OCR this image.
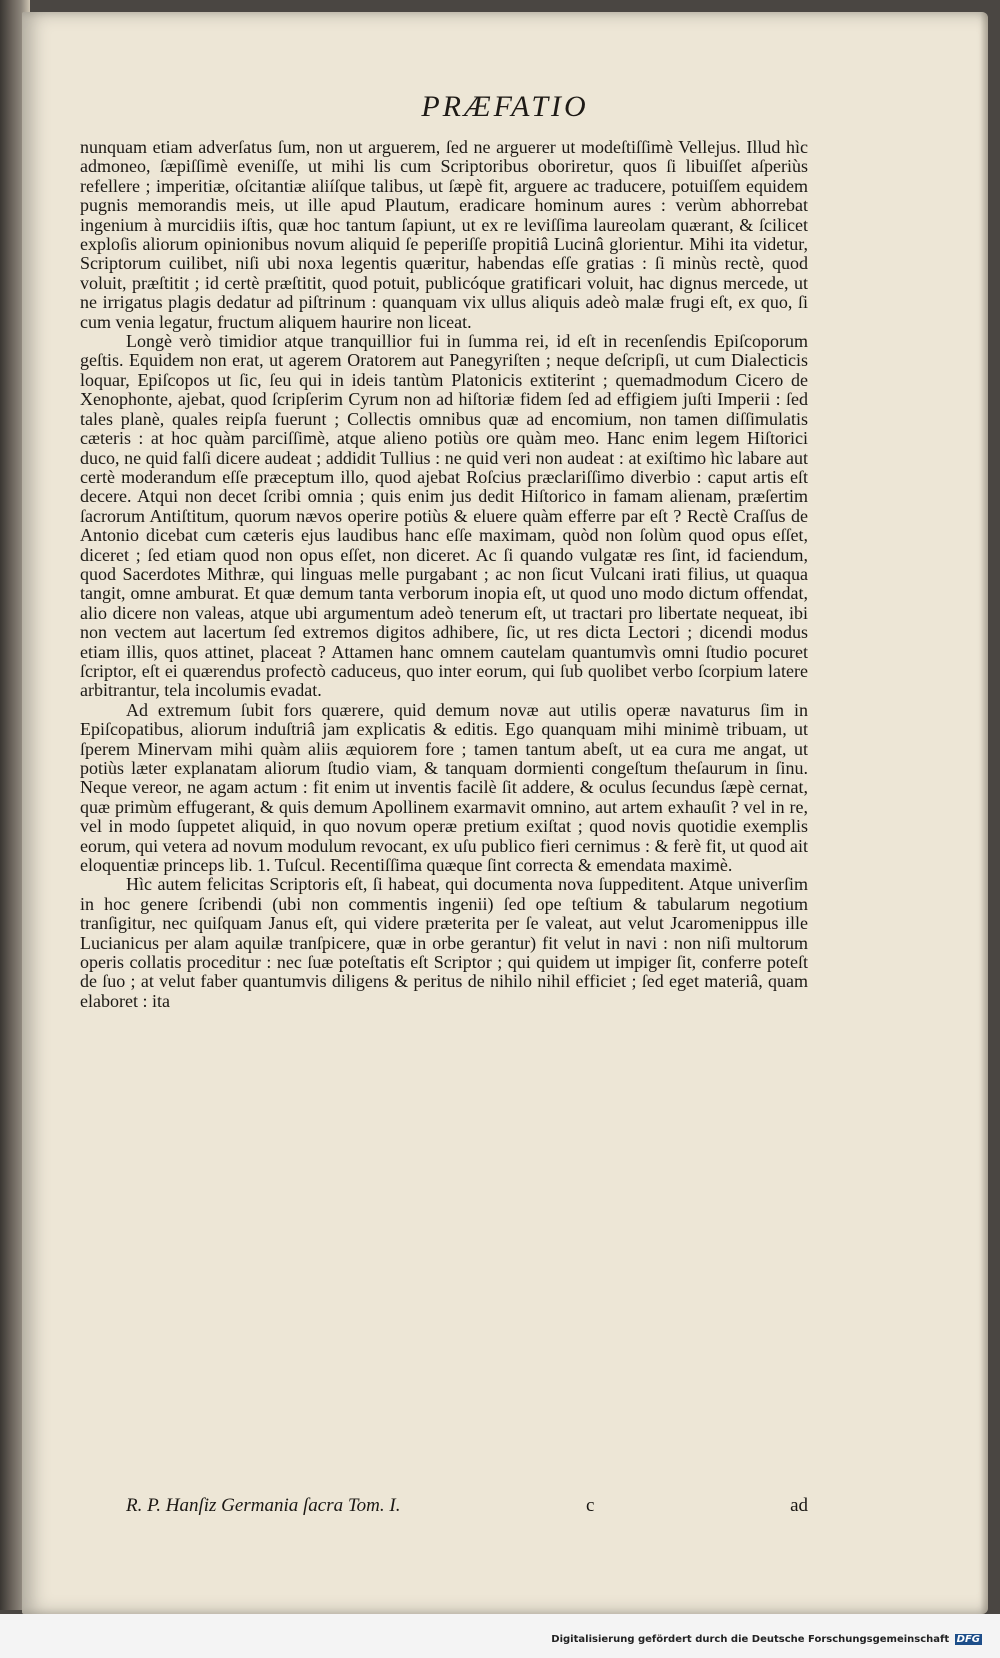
PRÆFATIO

nunquam etiam adverſatus ſum, non ut arguerem, ſed ne arguerer ut modeſtiſſimè Vellejus. Illud hìc admoneo, ſæpiſſimè eveniſſe, ut mihi lis cum Scriptoribus oboriretur, quos ſi libuiſſet aſperiùs refellere ; imperitiæ, oſcitantiæ aliíſque talibus, ut ſæpè fit, arguere ac traducere, potuiſſem equidem pugnis memorandis meis, ut ille apud Plautum, eradicare hominum aures : verùm abhorrebat ingenium à murcidiis iſtis, quæ hoc tantum ſapiunt, ut ex re leviſſima laureolam quærant, & ſcilicet exploſis aliorum opinionibus novum aliquid ſe peperiſſe propitiâ Lucinâ glorientur. Mihi ita videtur, Scriptorum cuilibet, niſi ubi noxa legentis quæritur, habendas eſſe gratias : ſi minùs rectè, quod voluit, præſtitit ; id certè præſtitit, quod potuit, publicóque gratificari voluit, hac dignus mercede, ut ne irrigatus plagis dedatur ad piſtrinum : quanquam vix ullus aliquis adeò malæ frugi eſt, ex quo, ſi cum venia legatur, fructum aliquem haurire non liceat.

Longè verò timidior atque tranquillior fui in ſumma rei, id eſt in recenſendis Epiſcoporum geſtis. Equidem non erat, ut agerem Oratorem aut Panegyriſten ; neque deſcripſi, ut cum Dialecticis loquar, Epiſcopos ut ſic, ſeu qui in ideis tantùm Platonicis extiterint ; quemadmodum Cicero de Xenophonte, ajebat, quod ſcripſerim Cyrum non ad hiſtoriæ fidem ſed ad effigiem juſti Imperii : ſed tales planè, quales reipſa fuerunt ; Collectis omnibus quæ ad encomium, non tamen diſſimulatis cæteris : at hoc quàm parciſſimè, atque alieno potiùs ore quàm meo. Hanc enim legem Hiſtorici duco, ne quid falſi dicere audeat ; addidit Tullius : ne quid veri non audeat : at exiſtimo hìc labare aut certè moderandum eſſe præceptum illo, quod ajebat Roſcius præclariſſimo diverbio : caput artis eſt decere. Atqui non decet ſcribi omnia ; quis enim jus dedit Hiſtorico in famam alienam, præſertim ſacrorum Antiſtitum, quorum nævos operire potiùs & eluere quàm efferre par eſt ? Rectè Craſſus de Antonio dicebat cum cæteris ejus laudibus hanc eſſe maximam, quòd non ſolùm quod opus eſſet, diceret ; ſed etiam quod non opus eſſet, non diceret. Ac ſi quando vulgatæ res ſint, id faciendum, quod Sacerdotes Mithræ, qui linguas melle purgabant ; ac non ſicut Vulcani irati filius, ut quaqua tangit, omne amburat. Et quæ demum tanta verborum inopia eſt, ut quod uno modo dictum offendat, alio dicere non valeas, atque ubi argumentum adeò tenerum eſt, ut tractari pro libertate nequeat, ibi non vectem aut lacertum ſed extremos digitos adhibere, ſic, ut res dicta Lectori ; dicendi modus etiam illis, quos attinet, placeat ? Attamen hanc omnem cautelam quantumvìs omni ſtudio pocuret ſcriptor, eſt ei quærendus profectò caduceus, quo inter eorum, qui ſub quolibet verbo ſcorpium latere arbitrantur, tela incolumis evadat.

Ad extremum ſubit fors quærere, quid demum novæ aut utilis operæ navaturus ſim in Epiſcopatibus, aliorum induſtriâ jam explicatis & editis. Ego quanquam mihi minimè tribuam, ut ſperem Minervam mihi quàm aliis æquiorem fore ; tamen tantum abeſt, ut ea cura me angat, ut potiùs læter explanatam aliorum ſtudio viam, & tanquam dormienti congeſtum theſaurum in ſinu. Neque vereor, ne agam actum : fit enim ut inventis facilè ſit addere, & oculus ſecundus ſæpè cernat, quæ primùm effugerant, & quis demum Apollinem exarmavit omnino, aut artem exhauſit ? vel in re, vel in modo ſuppetet aliquid, in quo novum operæ pretium exiſtat ; quod novis quotidie exemplis eorum, qui vetera ad novum modulum revocant, ex uſu publico fieri cernimus : & ferè fit, ut quod ait eloquentiæ princeps lib. 1. Tuſcul. Recentiſſima quæque ſint correcta & emendata maximè.

Hìc autem felicitas Scriptoris eſt, ſi habeat, qui documenta nova ſuppeditent. Atque univerſim in hoc genere ſcribendi (ubi non commentis ingenii) ſed ope teſtium & tabularum negotium tranſigitur, nec quiſquam Janus eſt, qui videre præterita per ſe valeat, aut velut Jcaromenippus ille Lucianicus per alam aquilæ tranſpicere, quæ in orbe gerantur) fit velut in navi : non niſi multorum operis collatis proceditur : nec ſuæ poteſtatis eſt Scriptor ; qui quidem ut impiger ſit, conferre poteſt de ſuo ; at velut faber quantumvis diligens & peritus de nihilo nihil efficiet ; ſed eget materiâ, quam elaboret : ita

R. P. Hanſiz Germania ſacra Tom. I.	c	ad
Digitalisierung gefördert durch die Deutsche Forschungsgemeinschaft DFG
